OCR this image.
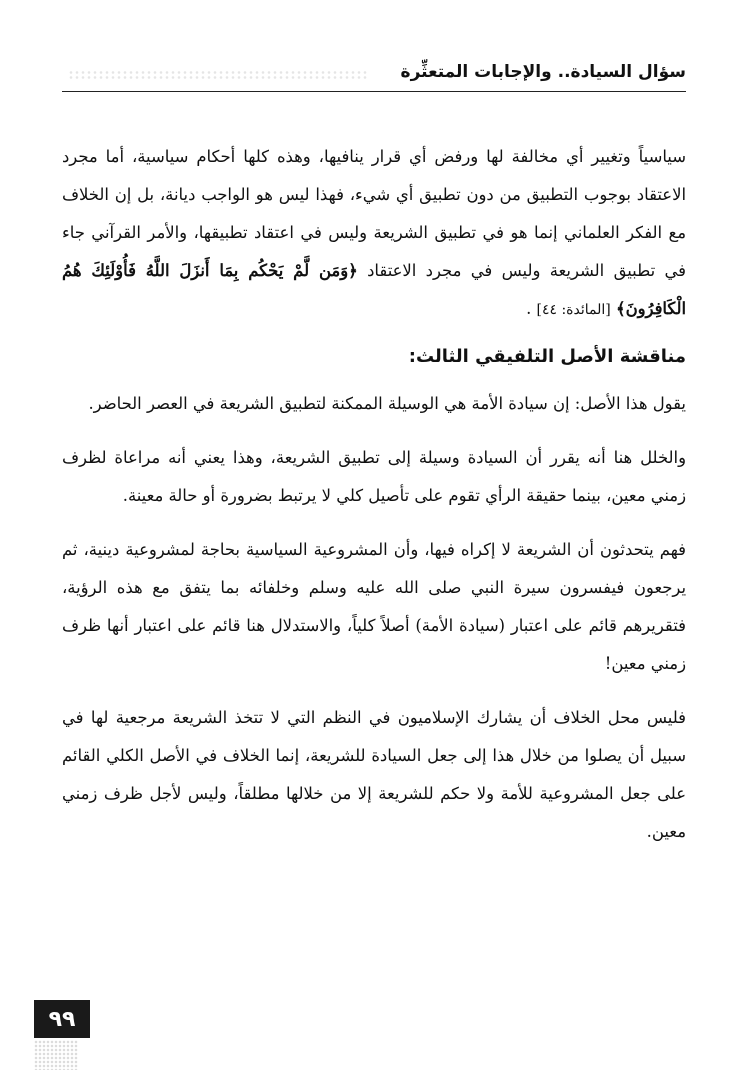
سؤال السيادة.. والإجابات المتعثِّرة

سياسياً وتغيير أي مخالفة لها ورفض أي قرار ينافيها، وهذه كلها أحكام سياسية، أما مجرد الاعتقاد بوجوب التطبيق من دون تطبيق أي شيء، فهذا ليس هو الواجب ديانة، بل إن الخلاف مع الفكر العلماني إنما هو في تطبيق الشريعة وليس في اعتقاد تطبيقها، والأمر القرآني جاء في تطبيق الشريعة وليس في مجرد الاعتقاد ﴿وَمَن لَّمْ يَحْكُم بِمَا أَنزَلَ اللَّهُ فَأُوْلَئِكَ هُمُ الْكَافِرُونَ﴾ [المائدة: ٤٤] .

مناقشة الأصل التلفيقي الثالث:

يقول هذا الأصل: إن سيادة الأمة هي الوسيلة الممكنة لتطبيق الشريعة في العصر الحاضر.

والخلل هنا أنه يقرر أن السيادة وسيلة إلى تطبيق الشريعة، وهذا يعني أنه مراعاة لظرف زمني معين، بينما حقيقة الرأي تقوم على تأصيل كلي لا يرتبط بضرورة أو حالة معينة.

فهم يتحدثون أن الشريعة لا إكراه فيها، وأن المشروعية السياسية بحاجة لمشروعية دينية، ثم يرجعون فيفسرون سيرة النبي صلى الله عليه وسلم وخلفائه بما يتفق مع هذه الرؤية، فتقريرهم قائم على اعتبار (سيادة الأمة) أصلاً كلياً، والاستدلال هنا قائم على اعتبار أنها ظرف زمني معين!

فليس محل الخلاف أن يشارك الإسلاميون في النظم التي لا تتخذ الشريعة مرجعية لها في سبيل أن يصلوا من خلال هذا إلى جعل السيادة للشريعة، إنما الخلاف في الأصل الكلي القائم على جعل المشروعية للأمة ولا حكم للشريعة إلا من خلالها مطلقاً، وليس لأجل ظرف زمني معين.

٩٩
